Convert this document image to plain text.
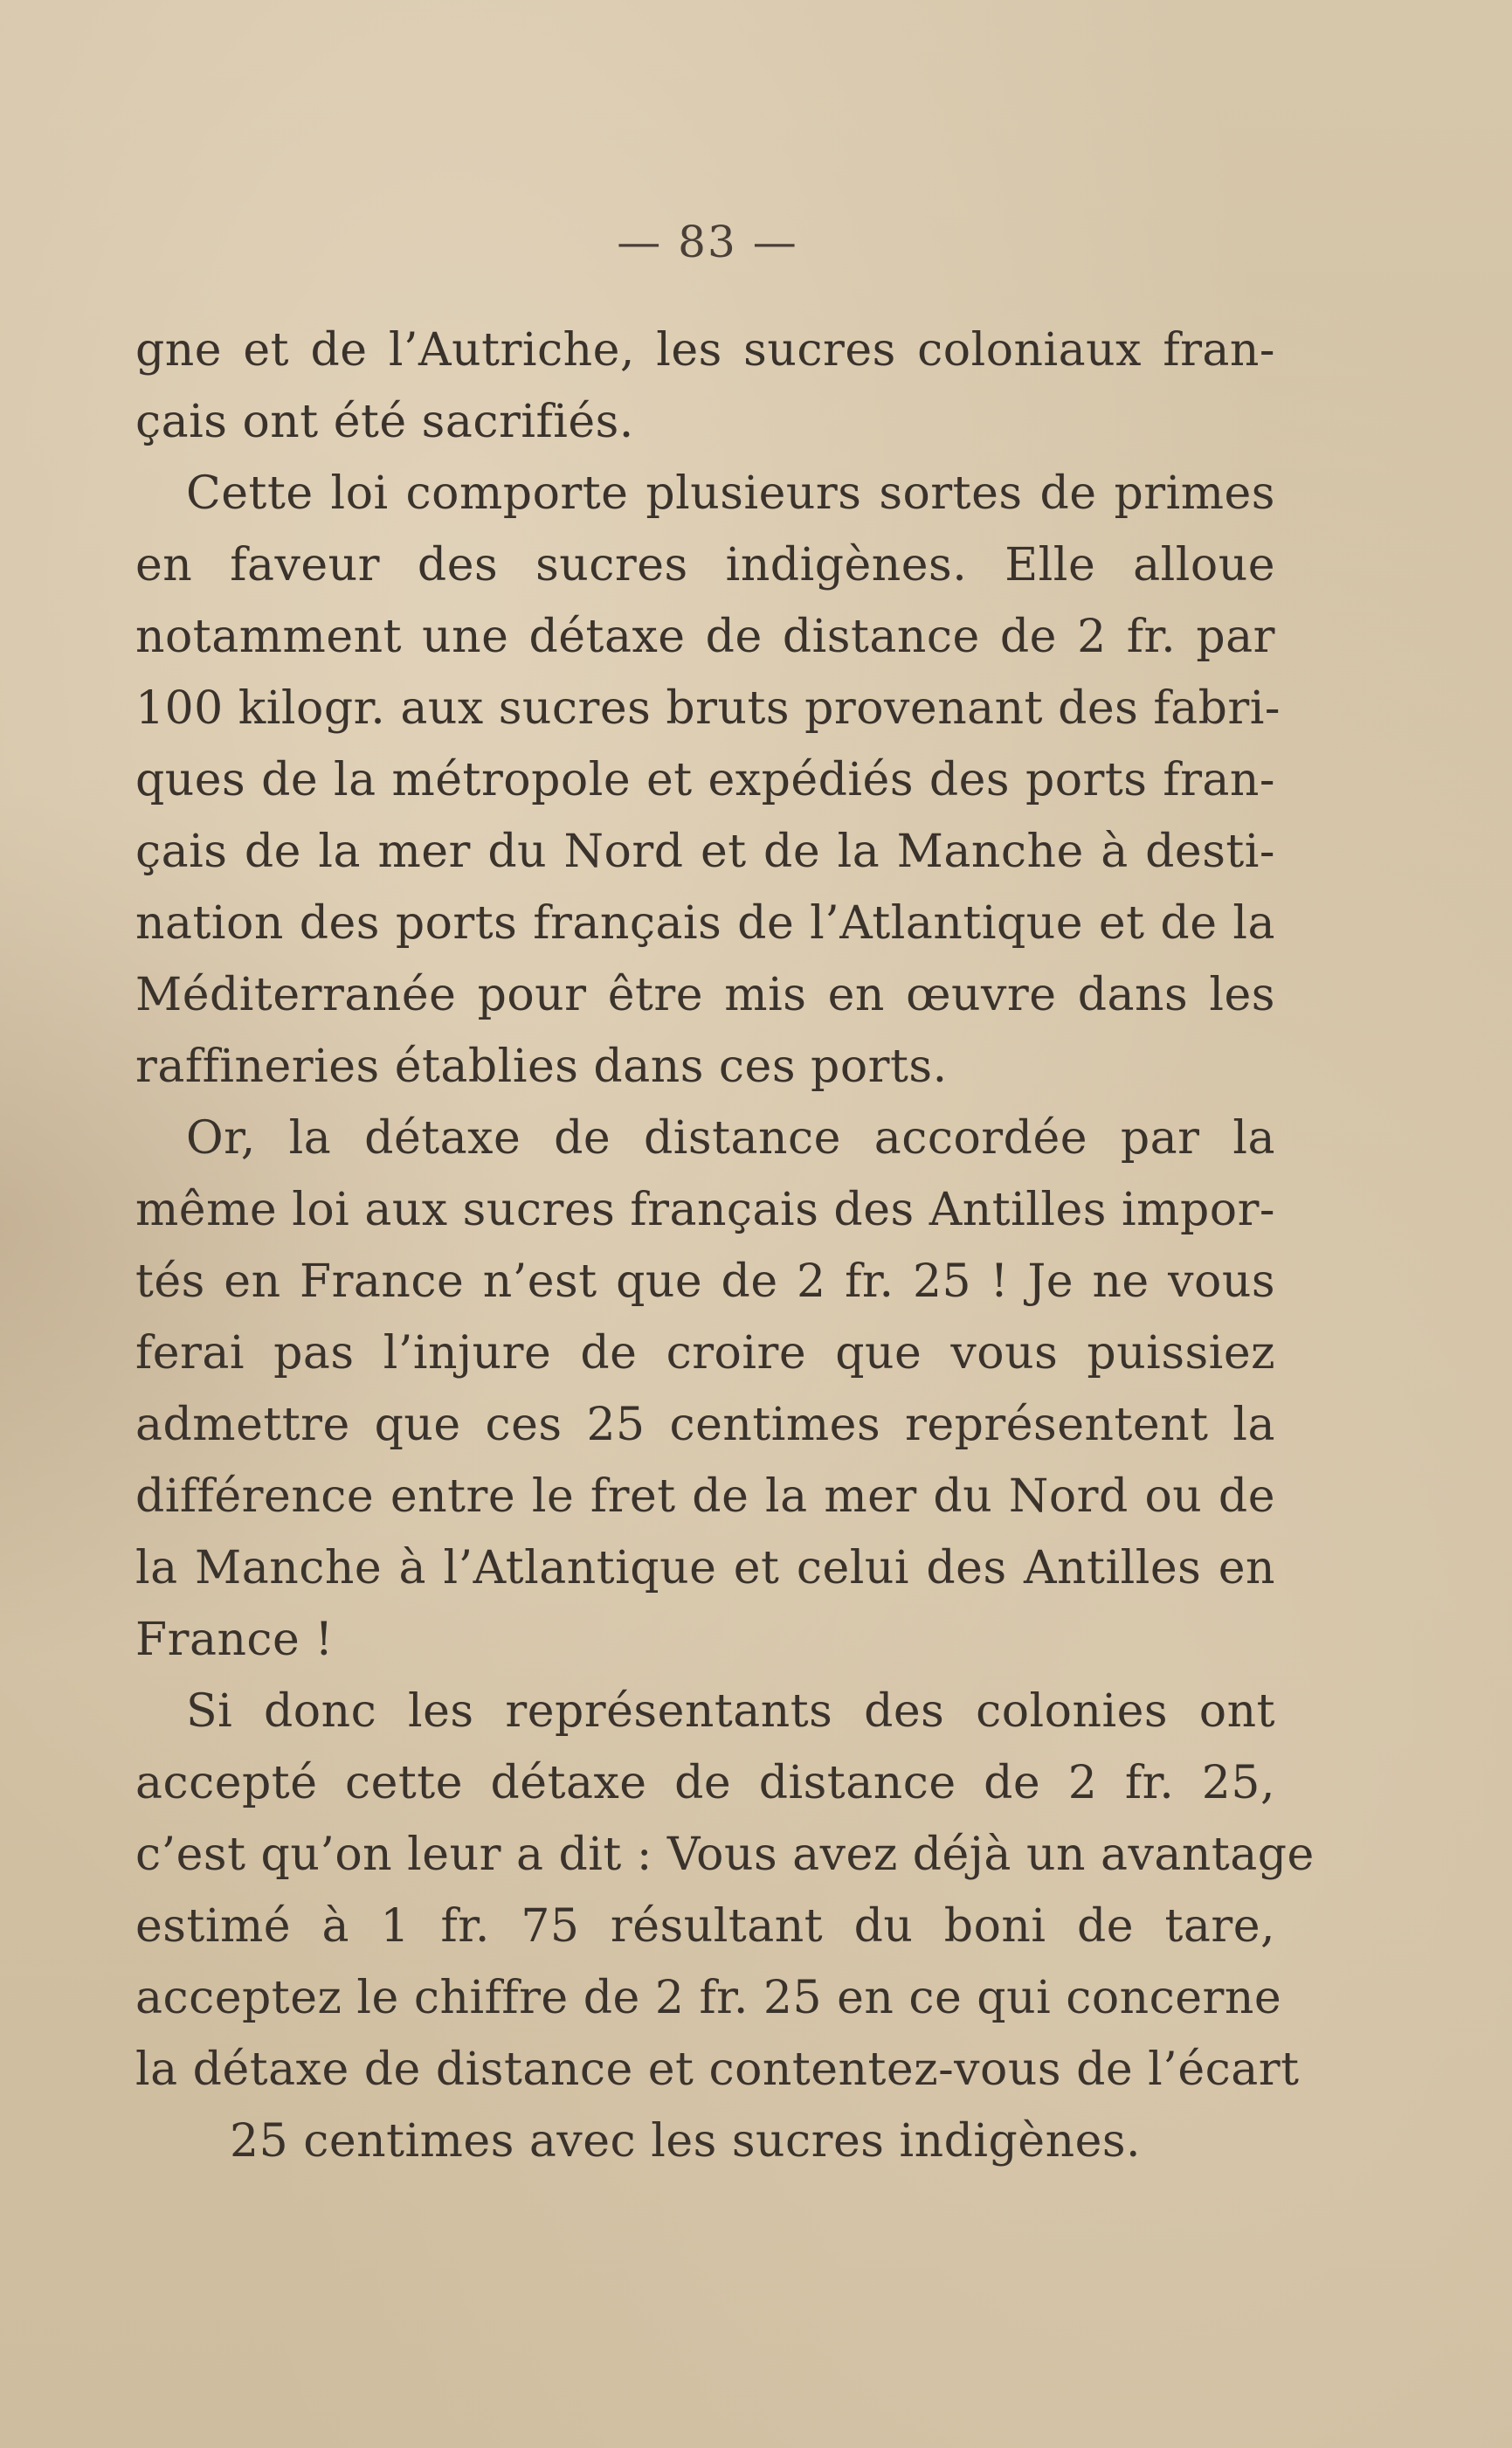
— 83 —
gne et de l’Autriche, les sucres coloniaux fran-
çais ont été sacrifiés.
Cette loi comporte plusieurs sortes de primes
en faveur des sucres indigènes. Elle alloue
notamment une détaxe de distance de 2 fr. par
100 kilogr. aux sucres bruts provenant des fabri-
ques de la métropole et expédiés des ports fran-
çais de la mer du Nord et de la Manche à desti-
nation des ports français de l’Atlantique et de la
Méditerranée pour être mis en œuvre dans les
raffineries établies dans ces ports.
Or, la détaxe de distance accordée par la
même loi aux sucres français des Antilles impor-
tés en France n’est que de 2 fr. 25 ! Je ne vous
ferai pas l’injure de croire que vous puissiez
admettre que ces 25 centimes représentent la
différence entre le fret de la mer du Nord ou de
la Manche à l’Atlantique et celui des Antilles en
France !
Si donc les représentants des colonies ont
accepté cette détaxe de distance de 2 fr. 25,
c’est qu’on leur a dit : Vous avez déjà un avantage
estimé à 1 fr. 75 résultant du boni de tare,
acceptez le chiffre de 2 fr. 25 en ce qui concerne
la détaxe de distance et contentez-vous de l’écart
25 centimes avec les sucres indigènes.
